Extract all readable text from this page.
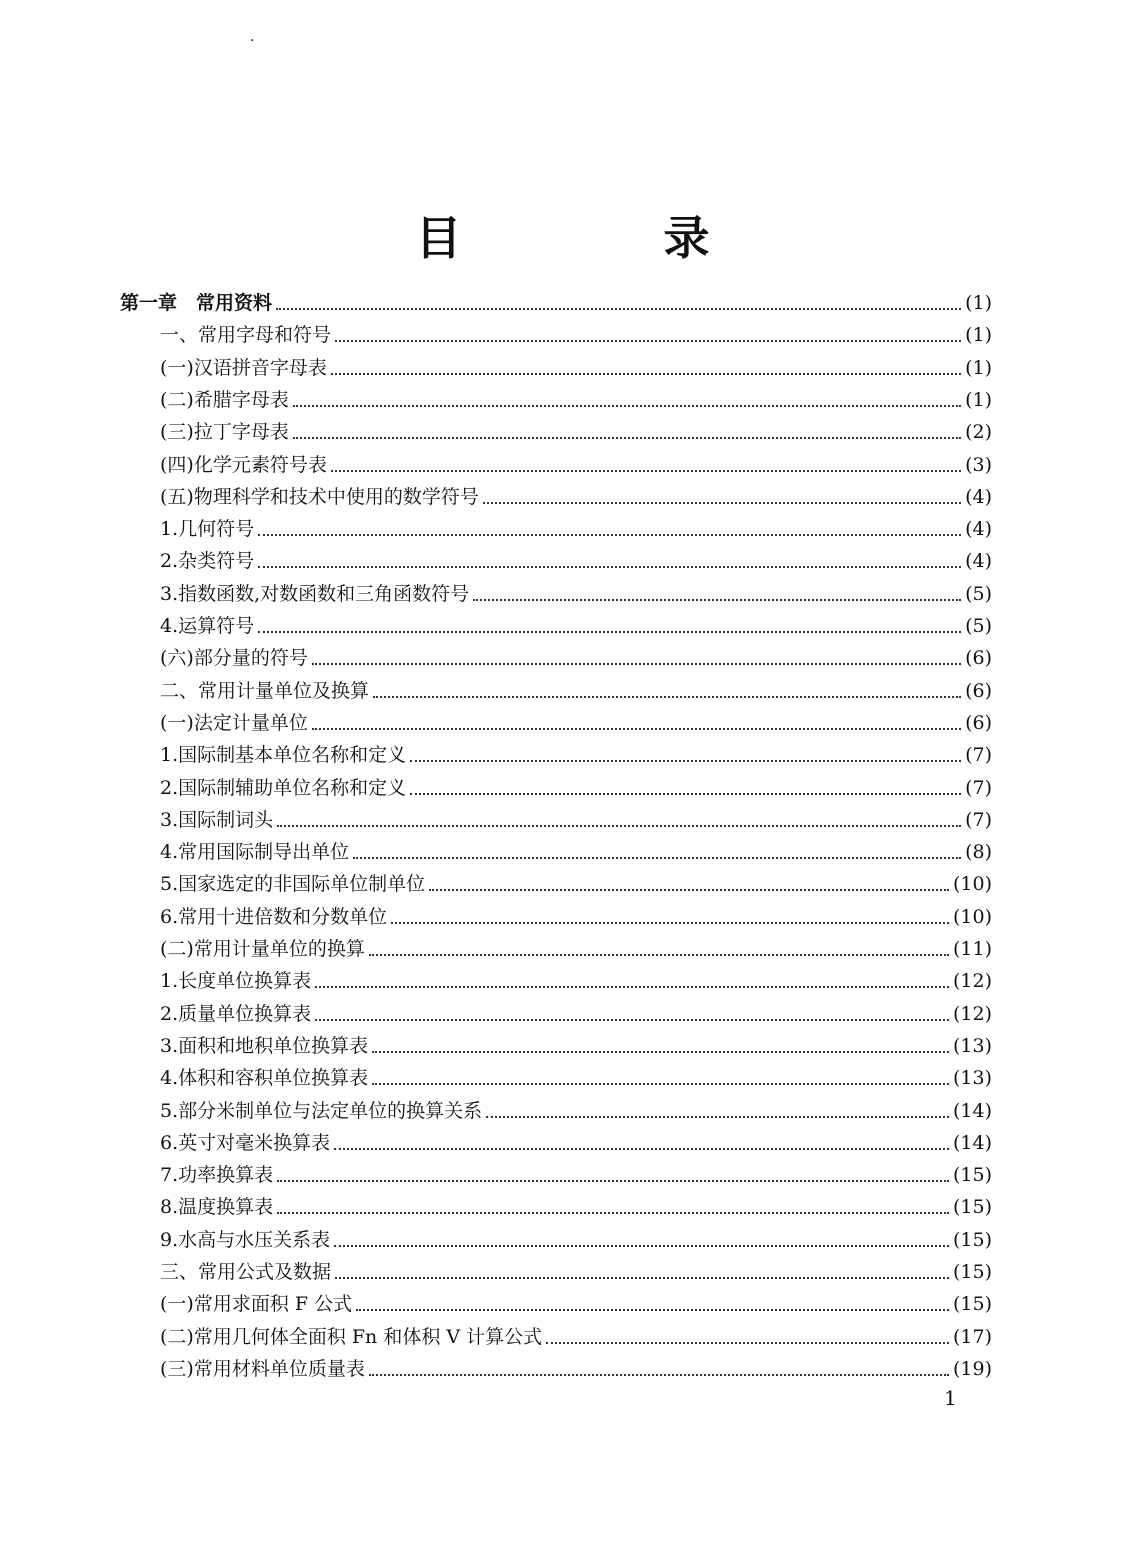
.
目　录
第一章　常用资料	(1)
一、常用字母和符号	(1)
(一)汉语拼音字母表	(1)
(二)希腊字母表	(1)
(三)拉丁字母表	(2)
(四)化学元素符号表	(3)
(五)物理科学和技术中使用的数学符号	(4)
1.几何符号	(4)
2.杂类符号	(4)
3.指数函数,对数函数和三角函数符号	(5)
4.运算符号	(5)
(六)部分量的符号	(6)
二、常用计量单位及换算	(6)
(一)法定计量单位	(6)
1.国际制基本单位名称和定义	(7)
2.国际制辅助单位名称和定义	(7)
3.国际制词头	(7)
4.常用国际制导出单位	(8)
5.国家选定的非国际单位制单位	(10)
6.常用十进倍数和分数单位	(10)
(二)常用计量单位的换算	(11)
1.长度单位换算表	(12)
2.质量单位换算表	(12)
3.面积和地积单位换算表	(13)
4.体积和容积单位换算表	(13)
5.部分米制单位与法定单位的换算关系	(14)
6.英寸对毫米换算表	(14)
7.功率换算表	(15)
8.温度换算表	(15)
9.水高与水压关系表	(15)
三、常用公式及数据	(15)
(一)常用求面积 F 公式	(15)
(二)常用几何体全面积 Fn 和体积 V 计算公式	(17)
(三)常用材料单位质量表	(19)
1
